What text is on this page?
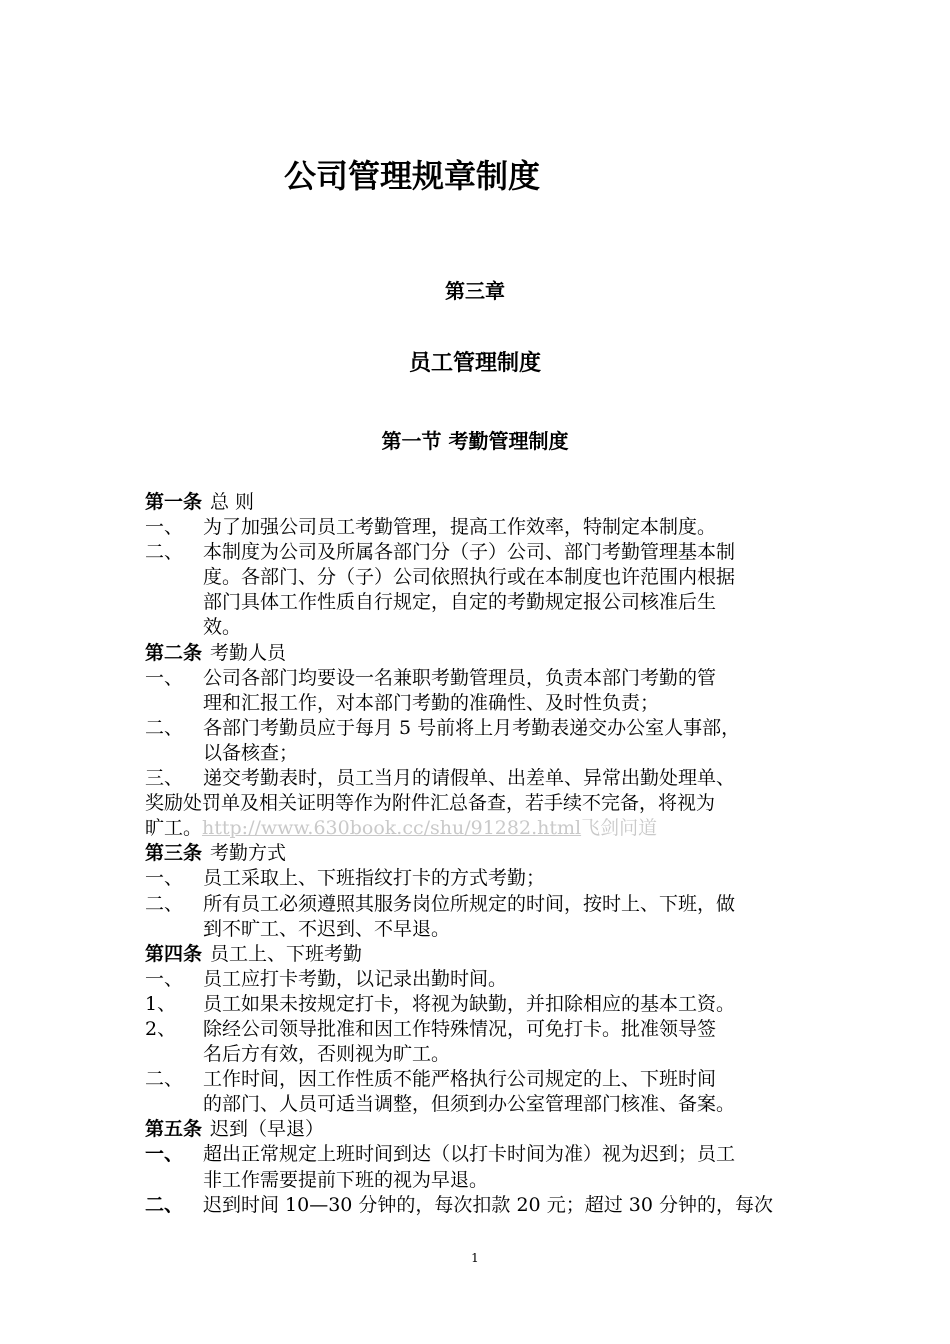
公司管理规章制度
第三章
员工管理制度
第一节 考勤管理制度
第一条 总 则
一、 为了加强公司员工考勤管理，提高工作效率，特制定本制度。
二、 本制度为公司及所属各部门分（子）公司、部门考勤管理基本制
度。各部门、分（子）公司依照执行或在本制度也许范围内根据
部门具体工作性质自行规定，自定的考勤规定报公司核准后生
效。
第二条 考勤人员
一、 公司各部门均要设一名兼职考勤管理员，负责本部门考勤的管
理和汇报工作，对本部门考勤的准确性、及时性负责；
二、 各部门考勤员应于每月 5 号前将上月考勤表递交办公室人事部，
以备核查；
三、 递交考勤表时，员工当月的请假单、出差单、异常出勤处理单、
奖励处罚单及相关证明等作为附件汇总备查，若手续不完备，将视为
旷工。http://www.630book.cc/shu/91282.html飞剑问道
第三条 考勤方式
一、 员工采取上、下班指纹打卡的方式考勤；
二、 所有员工必须遵照其服务岗位所规定的时间，按时上、下班，做
到不旷工、不迟到、不早退。
第四条 员工上、下班考勤
一、 员工应打卡考勤，以记录出勤时间。
1、 员工如果未按规定打卡，将视为缺勤，并扣除相应的基本工资。
2、 除经公司领导批准和因工作特殊情况，可免打卡。批准领导签
名后方有效，否则视为旷工。
二、 工作时间，因工作性质不能严格执行公司规定的上、下班时间
的部门、人员可适当调整，但须到办公室管理部门核准、备案。
第五条 迟到（早退）
一、 超出正常规定上班时间到达（以打卡时间为准）视为迟到；员工
非工作需要提前下班的视为早退。
二、 迟到时间 10—30 分钟的，每次扣款 20 元；超过 30 分钟的，每次
1
